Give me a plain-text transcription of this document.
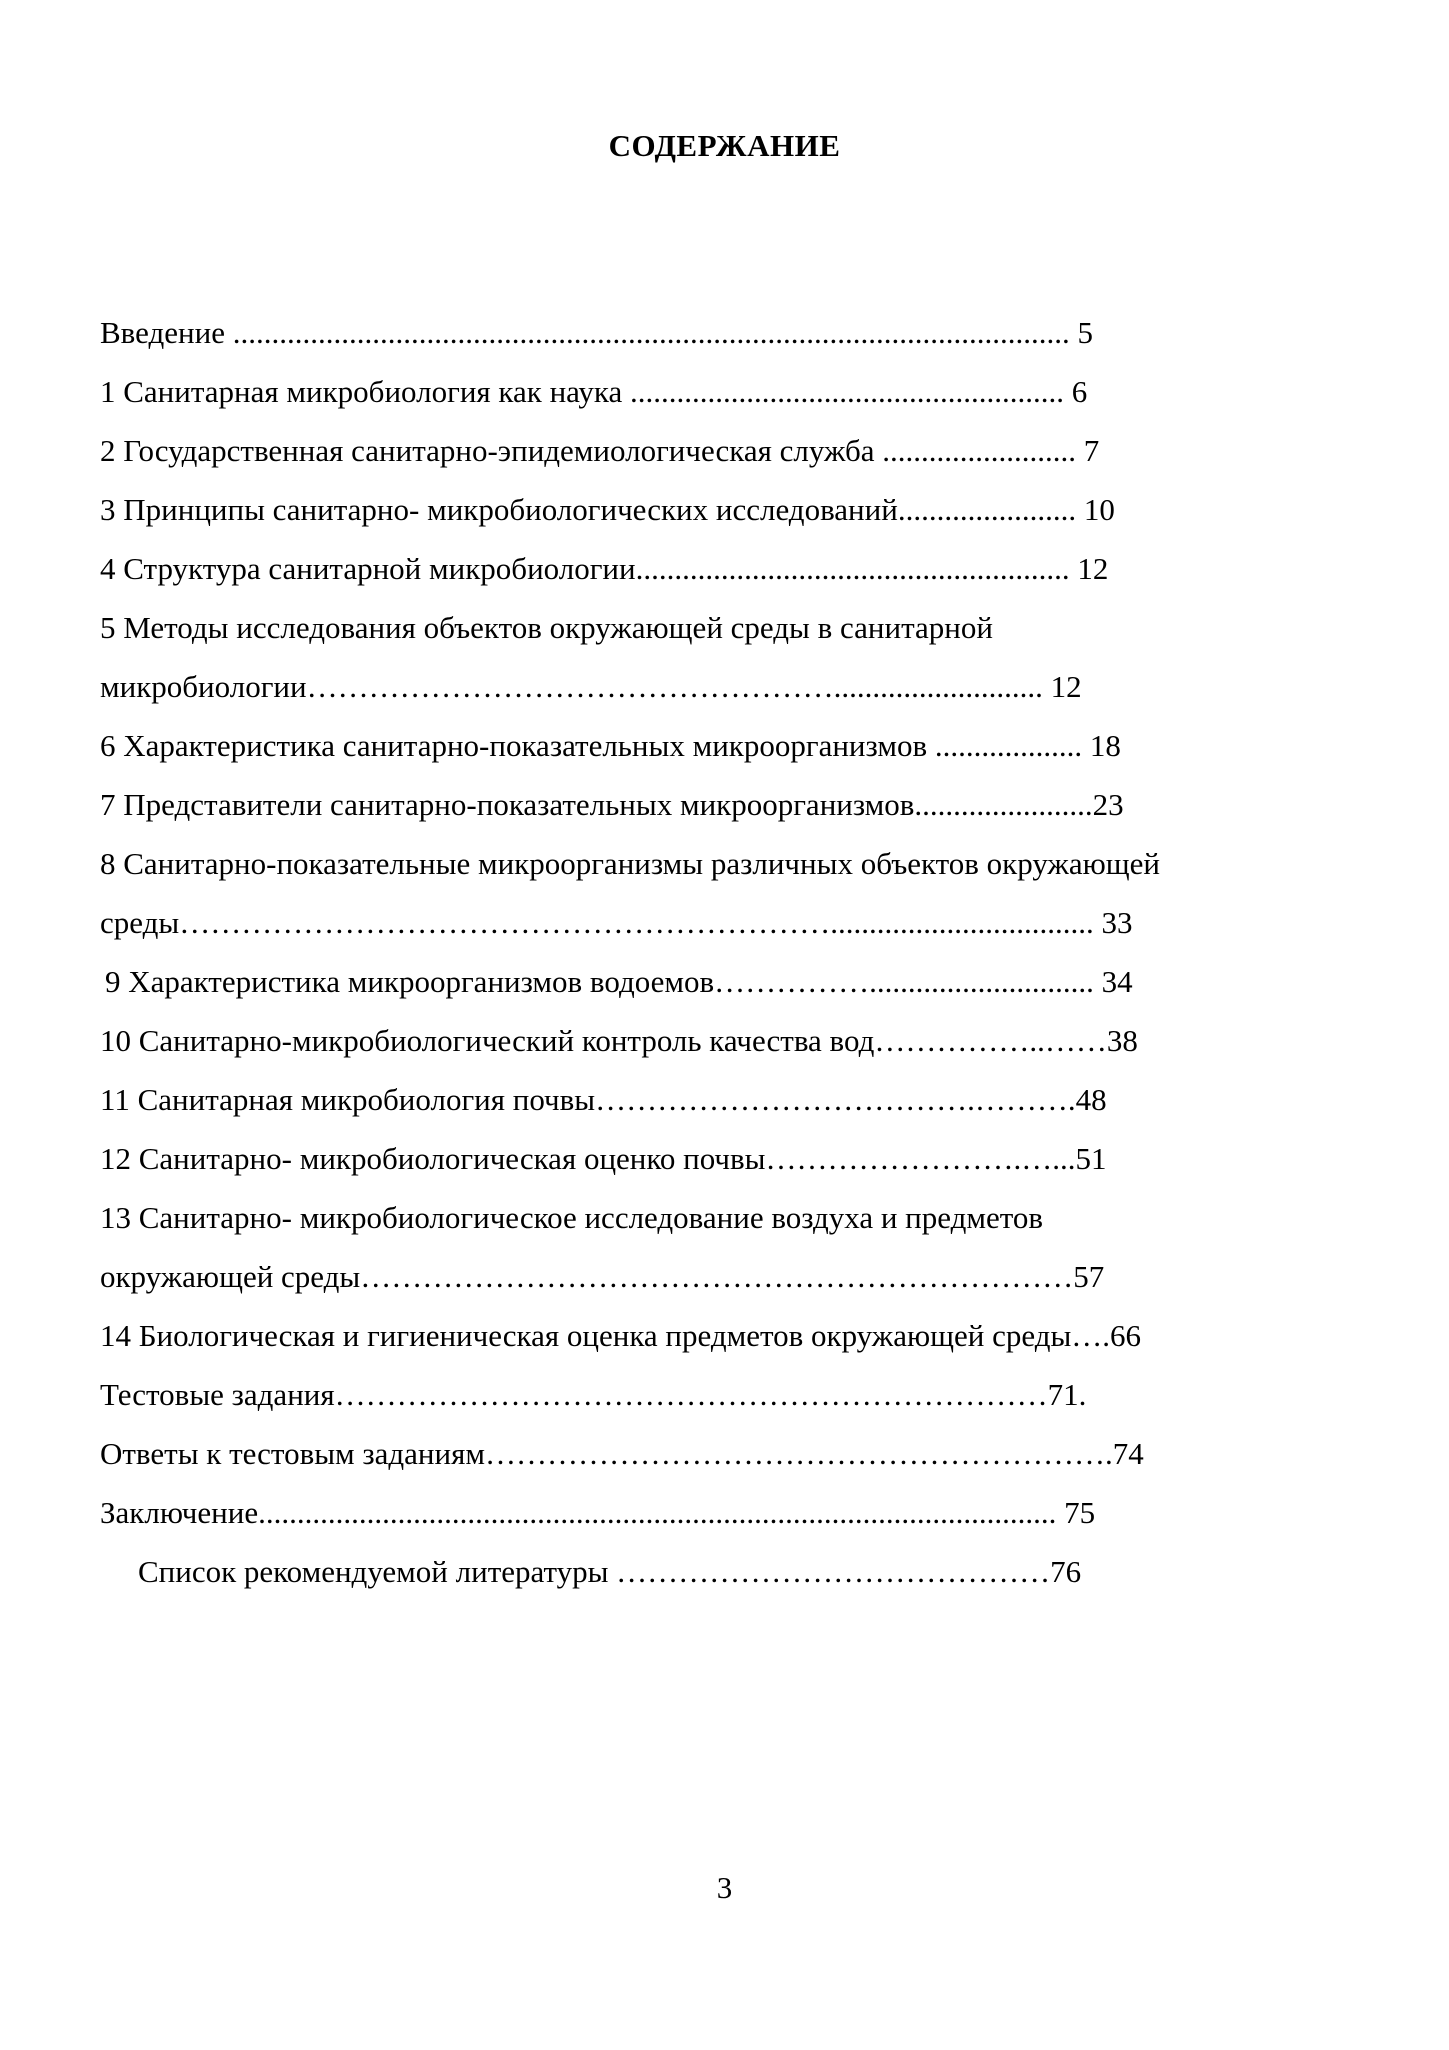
СОДЕРЖАНИЕ
Введение ............................................................................................................ 5
1 Санитарная микробиология как наука ........................................................ 6
2 Государственная санитарно-эпидемиологическая служба ......................... 7
3 Принципы санитарно- микробиологических исследований....................... 10
4 Структура санитарной микробиологии........................................................ 12
5 Методы исследования объектов окружающей среды в санитарной
микробиологии……………………………………………........................... 12
6 Характеристика санитарно-показательных микроорганизмов ................... 18
7 Представители санитарно-показательных микроорганизмов.......................23
8 Санитарно-показательные микроорганизмы различных объектов окружающей
среды……………………………………………………….................................. 33
9 Характеристика микроорганизмов водоемов……………............................. 34
10 Санитарно-микробиологический контроль качества вод……………..……38
11 Санитарная микробиология почвы……………………………….……….48
12 Санитарно- микробиологическая оценко почвы…………………….…...51
13 Санитарно- микробиологическое исследование воздуха и предметов
окружающей среды……………………………………………………………57
14 Биологическая и гигиеническая оценка предметов окружающей среды….66
Тестовые задания……………………………………………………………71.
Ответы к тестовым заданиям…………………………………………………….74
Заключение....................................................................................................... 75
Список рекомендуемой литературы ……………………………………76
3
